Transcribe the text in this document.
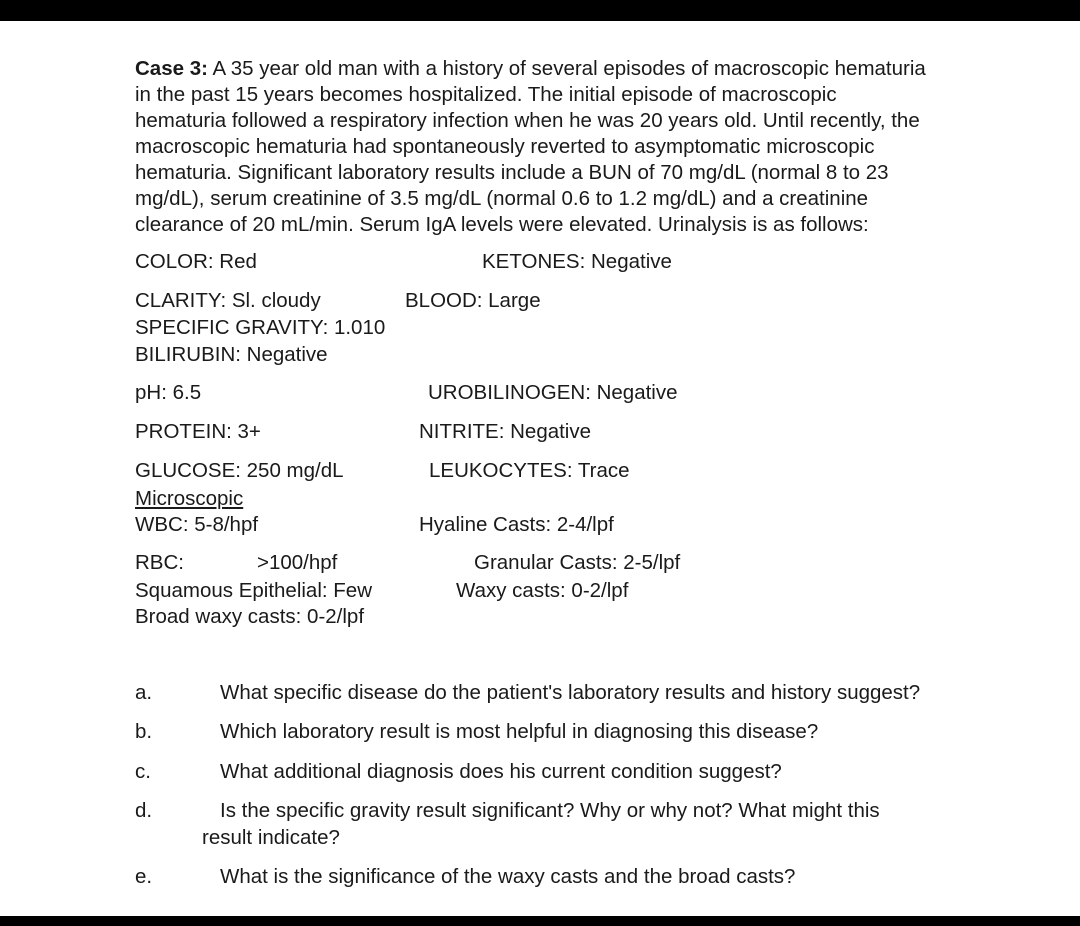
Case 3: A 35 year old man with a history of several episodes of macroscopic hematuria
in the past 15 years becomes hospitalized. The initial episode of macroscopic
hematuria followed a respiratory infection when he was 20 years old. Until recently, the
macroscopic hematuria had spontaneously reverted to asymptomatic microscopic
hematuria. Significant laboratory results include a BUN of 70 mg/dL (normal 8 to 23
mg/dL), serum creatinine of 3.5 mg/dL (normal 0.6 to 1.2 mg/dL) and a creatinine
clearance of 20 mL/min. Serum IgA levels were elevated. Urinalysis is as follows:
COLOR: Red	KETONES: Negative
CLARITY: Sl. cloudy	BLOOD: Large
SPECIFIC GRAVITY: 1.010
BILIRUBIN: Negative
pH: 6.5	UROBILINOGEN: Negative
PROTEIN: 3+	NITRITE: Negative
GLUCOSE: 250 mg/dL	LEUKOCYTES: Trace
Microscopic
WBC: 5-8/hpf	Hyaline Casts: 2-4/lpf
RBC:	>100/hpf	Granular Casts: 2-5/lpf
Squamous Epithelial: Few	Waxy casts: 0-2/lpf
Broad waxy casts: 0-2/lpf
a.	What specific disease do the patient's laboratory results and history suggest?
b.	Which laboratory result is most helpful in diagnosing this disease?
c.	What additional diagnosis does his current condition suggest?
d.	Is the specific gravity result significant? Why or why not? What might this
result indicate?
e.	What is the significance of the waxy casts and the broad casts?
